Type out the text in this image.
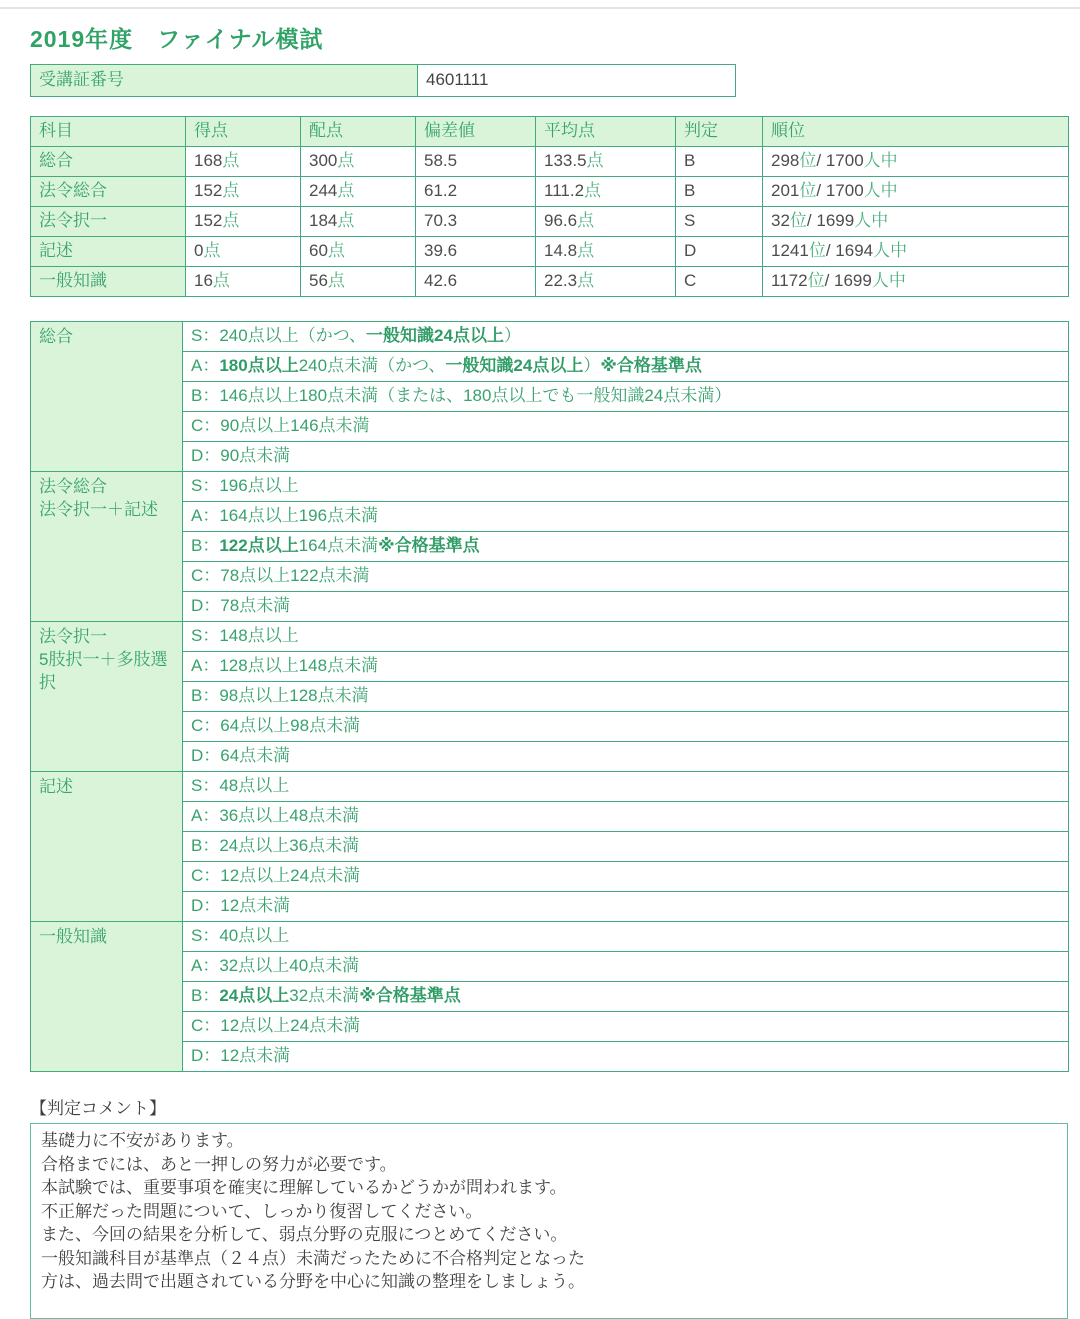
2019年度　ファイナル模試
受講証番号	4601111
科目	得点	配点	偏差値	平均点	判定	順位
総合	168点	300点	58.5	133.5点	B	298位/ 1700人中
法令総合	152点	244点	61.2	111.2点	B	201位/ 1700人中
法令択一	152点	184点	70.3	96.6点	S	32位/ 1699人中
記述	0点	60点	39.6	14.8点	D	1241位/ 1694人中
一般知識	16点	56点	42.6	22.3点	C	1172位/ 1699人中
総合	S：240点以上（かつ、一般知識24点以上）
	A：180点以上240点未満（かつ、一般知識24点以上）※合格基準点
	B：146点以上180点未満（または、180点以上でも一般知識24点未満）
	C：90点以上146点未満
	D：90点未満

法令総合
法令択一＋記述	S：196点以上
	A：164点以上196点未満
	B：122点以上164点未満※合格基準点
	C：78点以上122点未満
	D：78点未満

法令択一
5肢択一＋多肢選択	S：148点以上
	A：128点以上148点未満
	B：98点以上128点未満
	C：64点以上98点未満
	D：64点未満

記述	S：48点以上
	A：36点以上48点未満
	B：24点以上36点未満
	C：12点以上24点未満
	D：12点未満

一般知識	S：40点以上
	A：32点以上40点未満
	B：24点以上32点未満※合格基準点
	C：12点以上24点未満
	D：12点未満
【判定コメント】
基礎力に不安があります。
合格までには、あと一押しの努力が必要です。
本試験では、重要事項を確実に理解しているかどうかが問われます。
不正解だった問題について、しっかり復習してください。
また、今回の結果を分析して、弱点分野の克服につとめてください。
一般知識科目が基準点（２４点）未満だったために不合格判定となった
方は、過去問で出題されている分野を中心に知識の整理をしましょう。
